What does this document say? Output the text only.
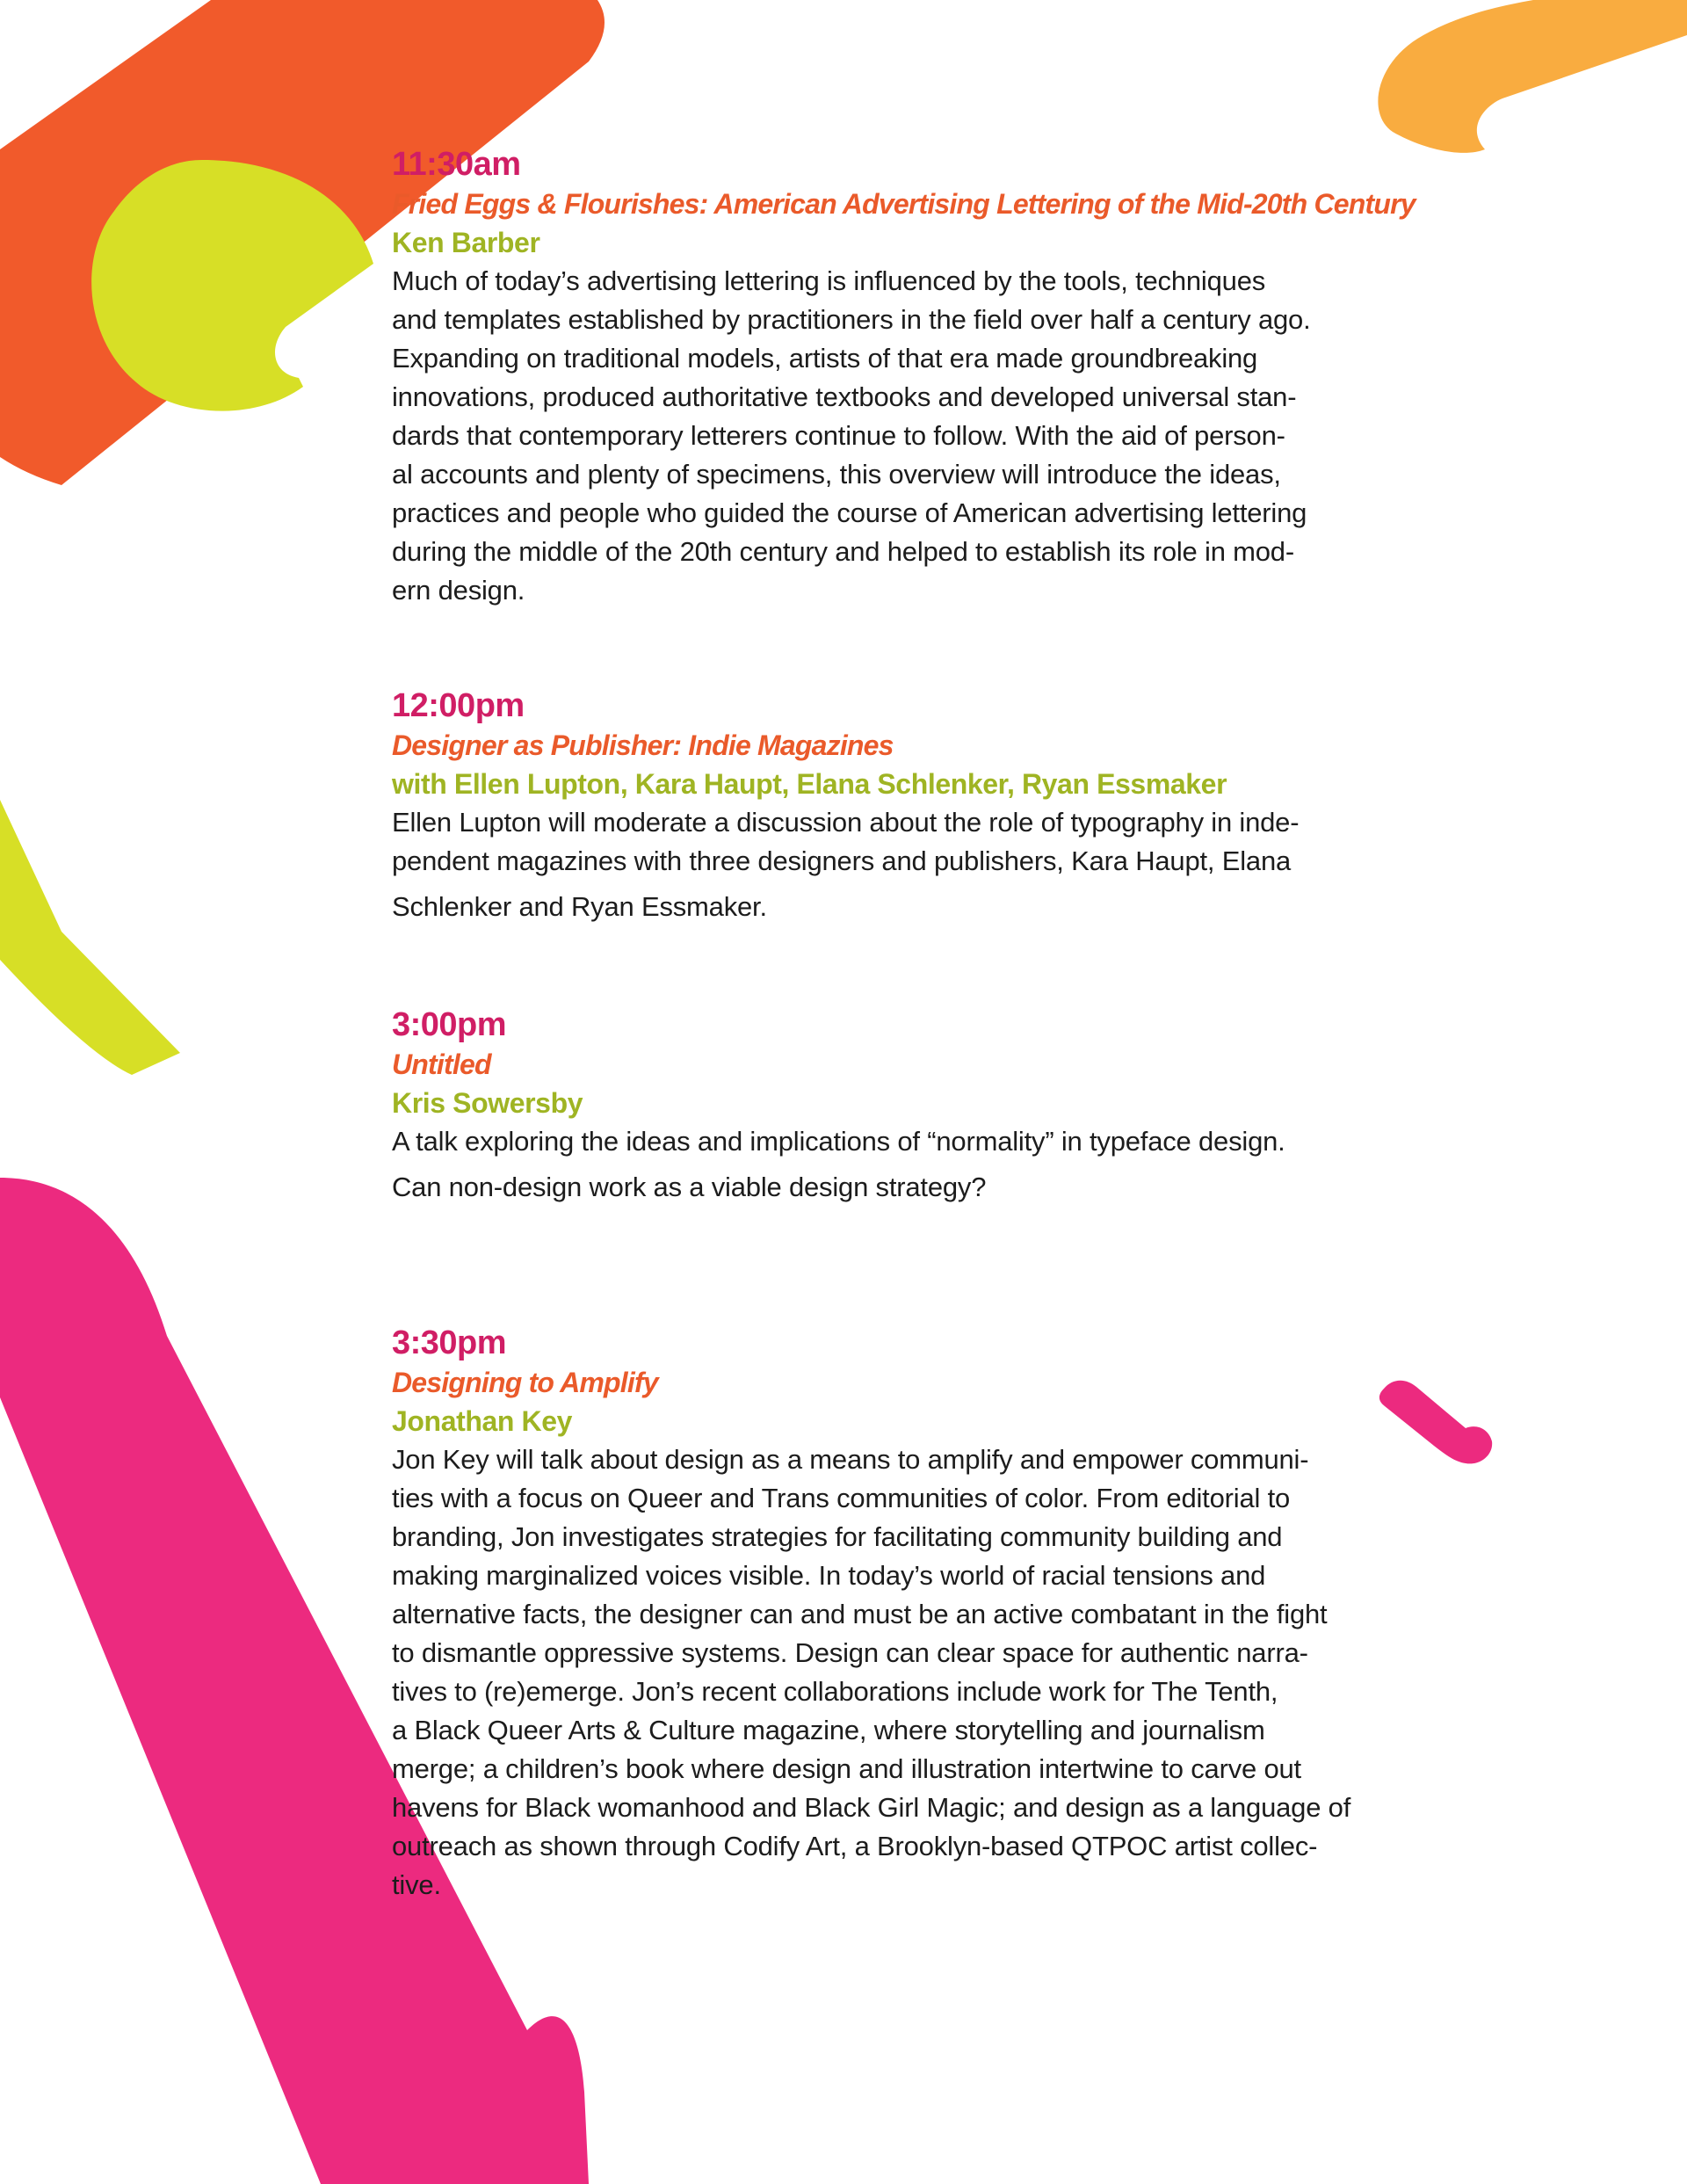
11:30am
Fried Eggs & Flourishes: American Advertising Lettering of the Mid-20th Century
Ken Barber
Much of today’s advertising lettering is influenced by the tools, techniques
and templates established by practitioners in the field over half a century ago.
Expanding on traditional models, artists of that era made groundbreaking
innovations, produced authoritative textbooks and developed universal stan-
dards that contemporary letterers continue to follow. With the aid of person-
al accounts and plenty of specimens, this overview will introduce the ideas,
practices and people who guided the course of American advertising lettering
during the middle of the 20th century and helped to establish its role in mod-
ern design.
12:00pm
Designer as Publisher: Indie Magazines
with Ellen Lupton, Kara Haupt, Elana Schlenker, Ryan Essmaker
Ellen Lupton will moderate a discussion about the role of typography in inde-
pendent magazines with three designers and publishers, Kara Haupt, Elana
Schlenker and Ryan Essmaker.
3:00pm
Untitled
Kris Sowersby
A talk exploring the ideas and implications of “normality” in typeface design.
Can non-design work as a viable design strategy?
3:30pm
Designing to Amplify
Jonathan Key
Jon Key will talk about design as a means to amplify and empower communi-
ties with a focus on Queer and Trans communities of color. From editorial to
branding, Jon investigates strategies for facilitating community building and
making marginalized voices visible. In today’s world of racial tensions and
alternative facts, the designer can and must be an active combatant in the fight
to dismantle oppressive systems. Design can clear space for authentic narra-
tives to (re)emerge. Jon’s recent collaborations include work for The Tenth,
a Black Queer Arts & Culture magazine, where storytelling and journalism
merge; a children’s book where design and illustration intertwine to carve out
havens for Black womanhood and Black Girl Magic; and design as a language of
outreach as shown through Codify Art, a Brooklyn-based QTPOC artist collec-
tive.
